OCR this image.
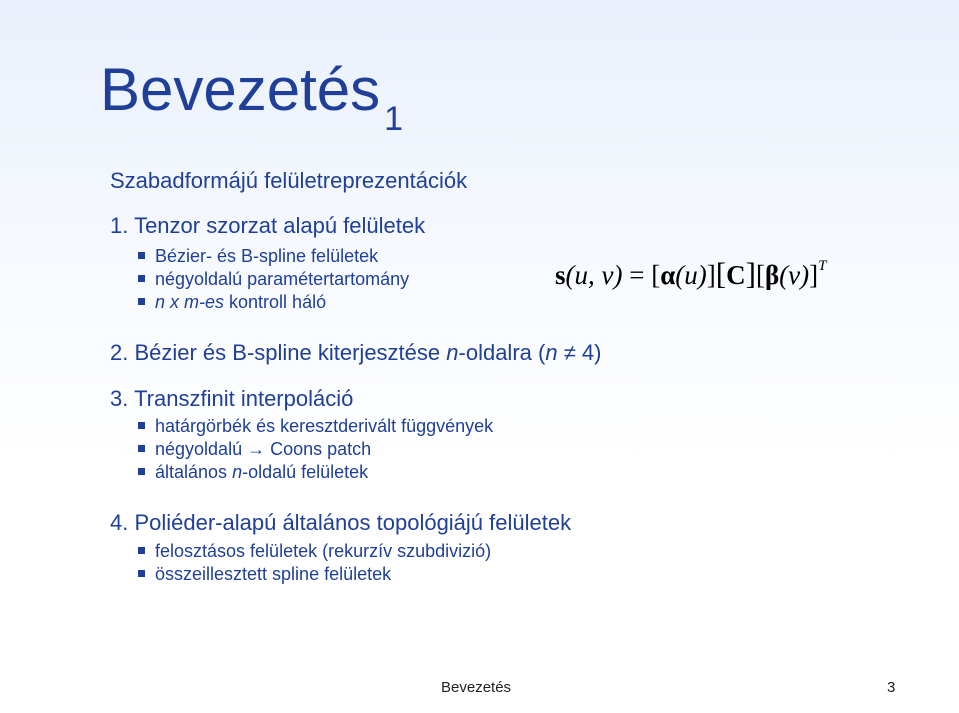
Bevezetés $_1$
Szabadformájú felületreprezentációk
1. Tenzor szorzat alapú felületek
Bézier- és B-spline felületek
négyoldalú paramétertartomány
n x m-es kontroll háló
s(u, $v) = [\alpha(u)][C][\beta(v)]^T$
2. Bézier és B-spline kiterjesztése n-oldalra (n ≠ 4)
3. Transzfinit interpoláció
határgörbék és keresztderivált függvények
négyoldalú → Coons patch
általános n-oldalú felületek
4. Poliéder-alapú általános topológiájú felületek
felosztásos felületek (rekurzív szubdivizió)
összeillesztett spline felületek
Bevezetés	3
